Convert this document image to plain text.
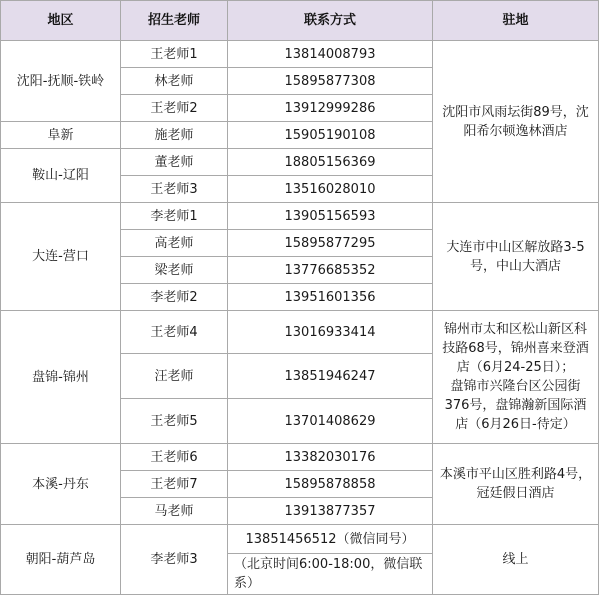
地区	招生老师	联系方式	驻地
沈阳-抚顺-铁岭	王老师1	13814008793	沈阳市风雨坛街89号，沈阳希尔顿逸林酒店
	林老师	15895877308	
	王老师2	13912999286	
阜新	施老师	15905190108	
鞍山-辽阳	董老师	18805156369	
	王老师3	13516028010	
大连-营口	李老师1	13905156593	大连市中山区解放路3-5号，中山大酒店
	高老师	15895877295	
	梁老师	13776685352	
	李老师2	13951601356	
盘锦-锦州	王老师4	13016933414	锦州市太和区松山新区科技路68号，锦州喜来登酒店（6月24-25日）；
盘锦市兴隆台区公园街376号，盘锦瀚新国际酒店（6月26日-待定）
	汪老师	13851946247	
	王老师5	13701408629	
本溪-丹东	王老师6	13382030176	本溪市平山区胜利路4号，冠廷假日酒店
	王老师7	15895878858	
	马老师	13913877357	
朝阳-葫芦岛	李老师3	13851456512（微信同号）	线上
		（北京时间6:00-18:00，微信联系）	
